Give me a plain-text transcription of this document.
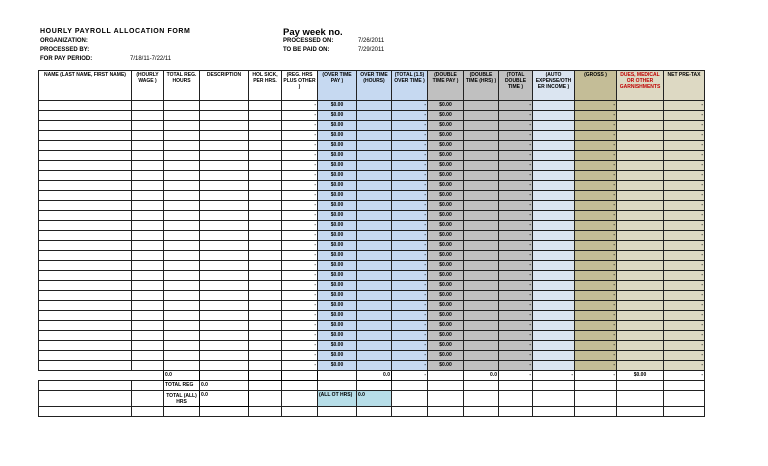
HOURLY PAYROLL ALLOCATION FORM
ORGANIZATION:
PROCESSED BY:
FOR PAY PERIOD:	7/18/11-7/22/11
Pay week no.
PROCESSED ON:
TO BE PAID ON:
7/26/2011
7/29/2011
NAME (LAST NAME, FIRST NAME)	(HOURLY WAGE )	TOTAL REG. HOURS	DESCRIPTION	HOL SICK, PER HRS.	(REG. HRS PLUS OTHER )	(OVER TIME PAY )	OVER TIME (HOURS)	(TOTAL (1.5) OVER TIME )	(DOUBLE TIME PAY )	(DOUBLE TIME (HRS) )	(TOTAL DOUBLE TIME )	(AUTO EXPENSE/OTH ER INCOME )	(GROSS )	DUES, MEDICAL OR OTHER GARNISHMENTS	NET PRE-TAX
					-	$0.00		-	$0.00		-		-		-
					-	$0.00		-	$0.00		-		-		-
					-	$0.00		-	$0.00		-		-		-
					-	$0.00		-	$0.00		-		-		-
					-	$0.00		-	$0.00		-		-		-
					-	$0.00		-	$0.00		-		-		-
					-	$0.00		-	$0.00		-		-		-
					-	$0.00		-	$0.00		-		-		-
					-	$0.00		-	$0.00		-		-		-
					-	$0.00		-	$0.00		-		-		-
					-	$0.00		-	$0.00		-		-		-
					-	$0.00		-	$0.00		-		-		-
					-	$0.00		-	$0.00		-		-		-
					-	$0.00		-	$0.00		-		-		-
					-	$0.00		-	$0.00		-		-		-
					-	$0.00		-	$0.00		-		-		-
					-	$0.00		-	$0.00		-		-		-
					-	$0.00		-	$0.00		-		-		-
					-	$0.00		-	$0.00		-		-		-
					-	$0.00		-	$0.00		-		-		-
					-	$0.00		-	$0.00		-		-		-
					-	$0.00		-	$0.00		-		-		-
					-	$0.00		-	$0.00		-		-		-
					-	$0.00		-	$0.00		-		-		-
					-	$0.00		-	$0.00		-		-		-
					-	$0.00		-	$0.00		-		-		-
					-	$0.00		-	$0.00		-		-		-
		0.0					0.0	-		0.0	-	-	-	$0.00	-
		TOTAL REG	0.0												
		TOTAL (ALL) HRS	0.0			(ALL OT HRS)	0.0								
